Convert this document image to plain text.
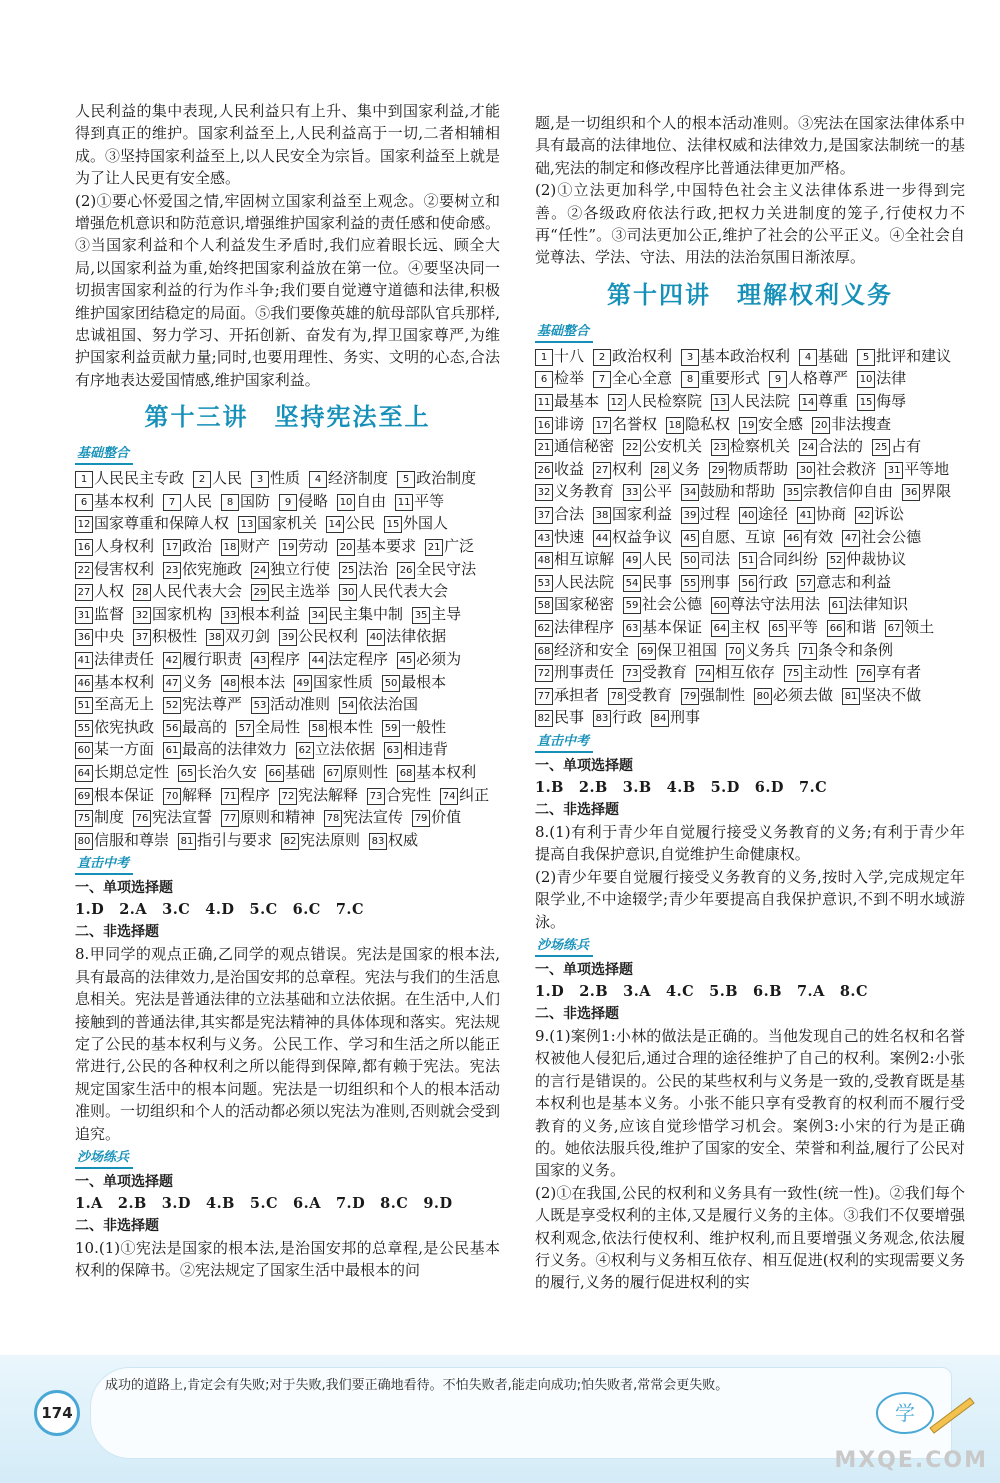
人民利益的集中表现,人民利益只有上升、集中到国家利益,才能得到真正的维护。国家利益至上,人民利益高于一切,二者相辅相成。③坚持国家利益至上,以人民安全为宗旨。国家利益至上就是为了让人民更有安全感。

(2)①要心怀爱国之情,牢固树立国家利益至上观念。②要树立和增强危机意识和防范意识,增强维护国家利益的责任感和使命感。③当国家利益和个人利益发生矛盾时,我们应着眼长远、顾全大局,以国家利益为重,始终把国家利益放在第一位。④要坚决同一切损害国家利益的行为作斗争;我们要自觉遵守道德和法律,积极维护国家团结稳定的局面。⑤我们要像英雄的航母部队官兵那样,忠诚祖国、努力学习、开拓创新、奋发有为,捍卫国家尊严,为维护国家利益贡献力量;同时,也要用理性、务实、文明的心态,合法有序地表达爱国情感,维护国家利益。

第十三讲　坚持宪法至上
基础整合
1 人民民主专政 2 人民 3 性质 4 经济制度 5 政治制度6 基本权利 7 人民 8 国防 9 侵略 10 自由 11 平等12 国家尊重和保障人权 13 国家机关 14 公民 15 外国人16 人身权利 17 政治 18 财产 19 劳动 20 基本要求 21 广泛22 侵害权利 23 依宪施政 24 独立行使 25 法治 26 全民守法27 人权 28 人民代表大会 29 民主选举 30 人民代表大会31 监督 32 国家机构 33 根本利益 34 民主集中制 35 主导36 中央 37 积极性 38 双刃剑 39 公民权利 40 法律依据41 法律责任 42 履行职责 43 程序 44 法定程序 45 必须为46 基本权利 47 义务 48 根本法 49 国家性质 50 最根本51 至高无上 52 宪法尊严 53 活动准则 54 依法治国55 依宪执政 56 最高的 57 全局性 58 根本性 59 一般性60 某一方面 61 最高的法律效力 62 立法依据 63 相违背64 长期总定性 65 长治久安 66 基础 67 原则性 68 基本权利69 根本保证 70 解释 71 程序 72 宪法解释 73 合宪性 74 纠正75 制度 76 宪法宣誓 77 原则和精神 78 宪法宣传 79 价值80 信服和尊崇 81 指引与要求 82 宪法原则 83 权威
直击中考

一、单项选择题

1.D　2.A　3.C　4.D　5.C　6.C　7.C

二、非选择题

8.甲同学的观点正确,乙同学的观点错误。宪法是国家的根本法,具有最高的法律效力,是治国安邦的总章程。宪法与我们的生活息息相关。宪法是普通法律的立法基础和立法依据。在生活中,人们接触到的普通法律,其实都是宪法精神的具体体现和落实。宪法规定了公民的基本权利与义务。公民工作、学习和生活之所以能正常进行,公民的各种权利之所以能得到保障,都有赖于宪法。宪法规定国家生活中的根本问题。宪法是一切组织和个人的根本活动准则。一切组织和个人的活动都必须以宪法为准则,否则就会受到追究。

沙场练兵

一、单项选择题

1.A　2.B　3.D　4.B　5.C　6.A　7.D　8.C　9.D

二、非选择题

10.(1)①宪法是国家的根本法,是治国安邦的总章程,是公民基本权利的保障书。②宪法规定了国家生活中最根本的问

题,是一切组织和个人的根本活动准则。③宪法在国家法律体系中具有最高的法律地位、法律权威和法律效力,是国家法制统一的基础,宪法的制定和修改程序比普通法律更加严格。

(2)①立法更加科学,中国特色社会主义法律体系进一步得到完善。②各级政府依法行政,把权力关进制度的笼子,行使权力不再“任性”。③司法更加公正,维护了社会的公平正义。④全社会自觉尊法、学法、守法、用法的法治氛围日渐浓厚。

第十四讲　理解权利义务
基础整合
1 十八 2 政治权利 3 基本政治权利 4 基础 5 批评和建议6 检举 7 全心全意 8 重要形式 9 人格尊严 10 法律11 最基本 12 人民检察院 13 人民法院 14 尊重 15 侮辱16 诽谤 17 名誉权 18 隐私权 19 安全感 20 非法搜查21 通信秘密 22 公安机关 23 检察机关 24 合法的 25 占有26 收益 27 权利 28 义务 29 物质帮助 30 社会救济 31 平等地32 义务教育 33 公平 34 鼓励和帮助 35 宗教信仰自由 36 界限37 合法 38 国家利益 39 过程 40 途径 41 协商 42 诉讼43 快速 44 权益争议 45 自愿、互谅 46 有效 47 社会公德48 相互谅解 49 人民 50 司法 51 合同纠纷 52 仲裁协议53 人民法院 54 民事 55 刑事 56 行政 57 意志和利益58 国家秘密 59 社会公德 60 尊法守法用法 61 法律知识62 法律程序 63 基本保证 64 主权 65 平等 66 和谐 67 领土68 经济和安全 69 保卫祖国 70 义务兵 71 条令和条例72 刑事责任 73 受教育 74 相互依存 75 主动性 76 享有者77 承担者 78 受教育 79 强制性 80 必须去做 81 坚决不做82 民事 83 行政 84 刑事
直击中考

一、单项选择题

1.B　2.B　3.B　4.B　5.D　6.D　7.C

二、非选择题

8.(1)有利于青少年自觉履行接受义务教育的义务;有利于青少年提高自我保护意识,自觉维护生命健康权。
(2)青少年要自觉履行接受义务教育的义务,按时入学,完成规定年限学业,不中途辍学;青少年要提高自我保护意识,不到不明水域游泳。

沙场练兵

一、单项选择题

1.D　2.B　3.A　4.C　5.B　6.B　7.A　8.C

二、非选择题

9.(1)案例1:小林的做法是正确的。当他发现自己的姓名权和名誉权被他人侵犯后,通过合理的途径维护了自己的权利。案例2:小张的言行是错误的。公民的某些权利与义务是一致的,受教育既是基本权利也是基本义务。小张不能只享有受教育的权利而不履行受教育的义务,应该自觉珍惜学习机会。案例3:小宋的行为是正确的。她依法服兵役,维护了国家的安全、荣誉和利益,履行了公民对国家的义务。
(2)①在我国,公民的权利和义务具有一致性(统一性)。②我们每个人既是享受权利的主体,又是履行义务的主体。③我们不仅要增强权利观念,依法行使权利、维护权利,而且要增强义务观念,依法履行义务。④权利与义务相互依存、相互促进(权利的实现需要义务的履行,义务的履行促进权利的实

174
成功的道路上,肯定会有失败;对于失败,我们要正确地看待。不怕失败者,能走向成功;怕失败者,常常会更失败。
学
MXQE.COM
